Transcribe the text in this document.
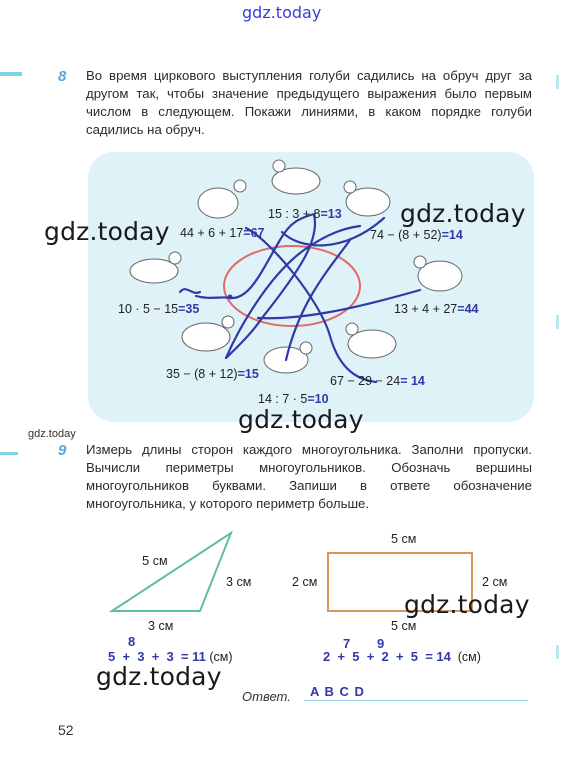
gdz.today
8 Во время циркового выступления голуби садились на обруч друг за другом так, чтобы значение предыдущего выражения было первым числом в следующем. Покажи линиями, в каком порядке голуби садились на обруч.
15 : 3 + 8=13
44 + 6 + 17=67	74 − (8 + 52)=14
10 · 5 − 15=35	13 + 4 + 27=44
35 − (8 + 12)=15	67 − 29 − 24= 14
14 : 7 · 5=10
gdz.today
gdz.today
gdz.today
gdz.today
9 Измерь длины сторон каждого многоугольника. Заполни пропуски. Вычисли периметры многоугольников. Обозначь вершины многоугольников буквами. Запиши в ответе обозначение многоугольника, у которого периметр больше.
5 см
3 см
3 см
5 см
2 см	2 см
5 см
8
5  +  3  +  3  = 11 (см)
7 9
2  +  5  +  2  +  5  = 14 (см)
gdz.today
gdz.today
Ответ. A B C D
52
